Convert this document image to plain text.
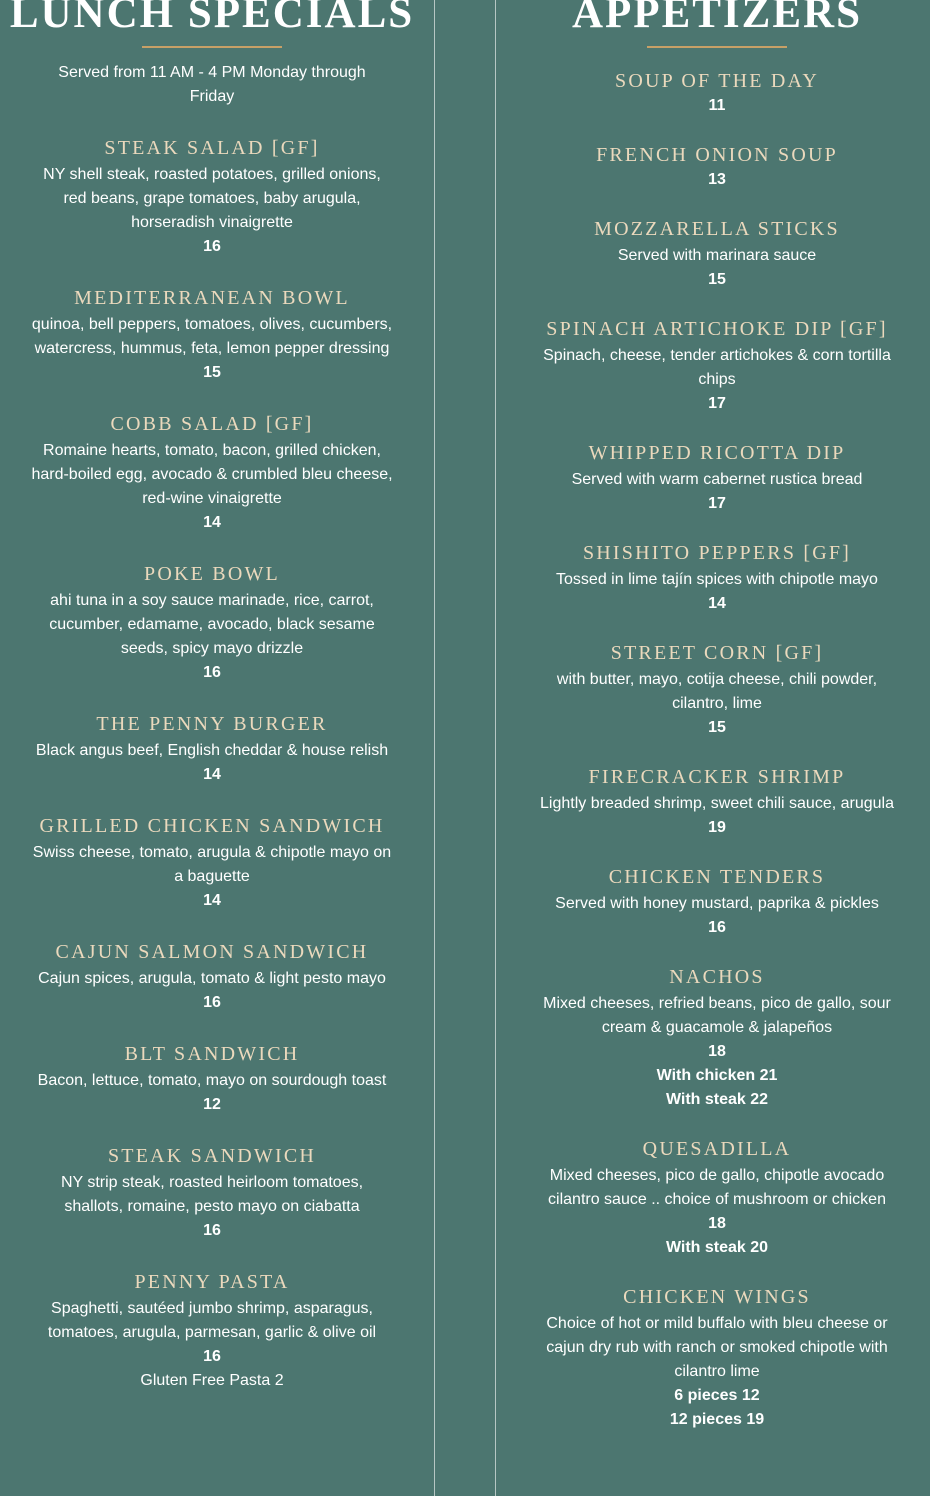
LUNCH SPECIALS
Served from 11 AM - 4 PM Monday through Friday
STEAK SALAD [GF]
NY shell steak, roasted potatoes, grilled onions, red beans, grape tomatoes, baby arugula, horseradish vinaigrette
16
MEDITERRANEAN BOWL
quinoa, bell peppers, tomatoes, olives, cucumbers, watercress, hummus, feta, lemon pepper dressing
15
COBB SALAD [GF]
Romaine hearts, tomato, bacon, grilled chicken, hard-boiled egg, avocado & crumbled bleu cheese, red-wine vinaigrette
14
POKE BOWL
ahi tuna in a soy sauce marinade, rice, carrot, cucumber, edamame, avocado, black sesame seeds, spicy mayo drizzle
16
THE PENNY BURGER
Black angus beef, English cheddar & house relish
14
GRILLED CHICKEN SANDWICH
Swiss cheese, tomato, arugula & chipotle mayo on a baguette
14
CAJUN SALMON SANDWICH
Cajun spices, arugula, tomato & light pesto mayo
16
BLT SANDWICH
Bacon, lettuce, tomato, mayo on sourdough toast
12
STEAK SANDWICH
NY strip steak, roasted heirloom tomatoes, shallots, romaine, pesto mayo on ciabatta
16
PENNY PASTA
Spaghetti, sautéed jumbo shrimp, asparagus, tomatoes, arugula, parmesan, garlic & olive oil
16
Gluten Free Pasta 2
APPETIZERS
SOUP OF THE DAY
11
FRENCH ONION SOUP
13
MOZZARELLA STICKS
Served with marinara sauce
15
SPINACH ARTICHOKE DIP [GF]
Spinach, cheese, tender artichokes & corn tortilla chips
17
WHIPPED RICOTTA DIP
Served with warm cabernet rustica bread
17
SHISHITO PEPPERS [GF]
Tossed in lime tajín spices with chipotle mayo
14
STREET CORN [GF]
with butter, mayo, cotija cheese, chili powder, cilantro, lime
15
FIRECRACKER SHRIMP
Lightly breaded shrimp, sweet chili sauce, arugula
19
CHICKEN TENDERS
Served with honey mustard, paprika & pickles
16
NACHOS
Mixed cheeses, refried beans, pico de gallo, sour cream & guacamole & jalapeños
18
With chicken 21
With steak 22
QUESADILLA
Mixed cheeses, pico de gallo, chipotle avocado cilantro sauce .. choice of mushroom or chicken
18
With steak 20
CHICKEN WINGS
Choice of hot or mild buffalo with bleu cheese or cajun dry rub with ranch or smoked chipotle with cilantro lime
6 pieces 12
12 pieces 19
